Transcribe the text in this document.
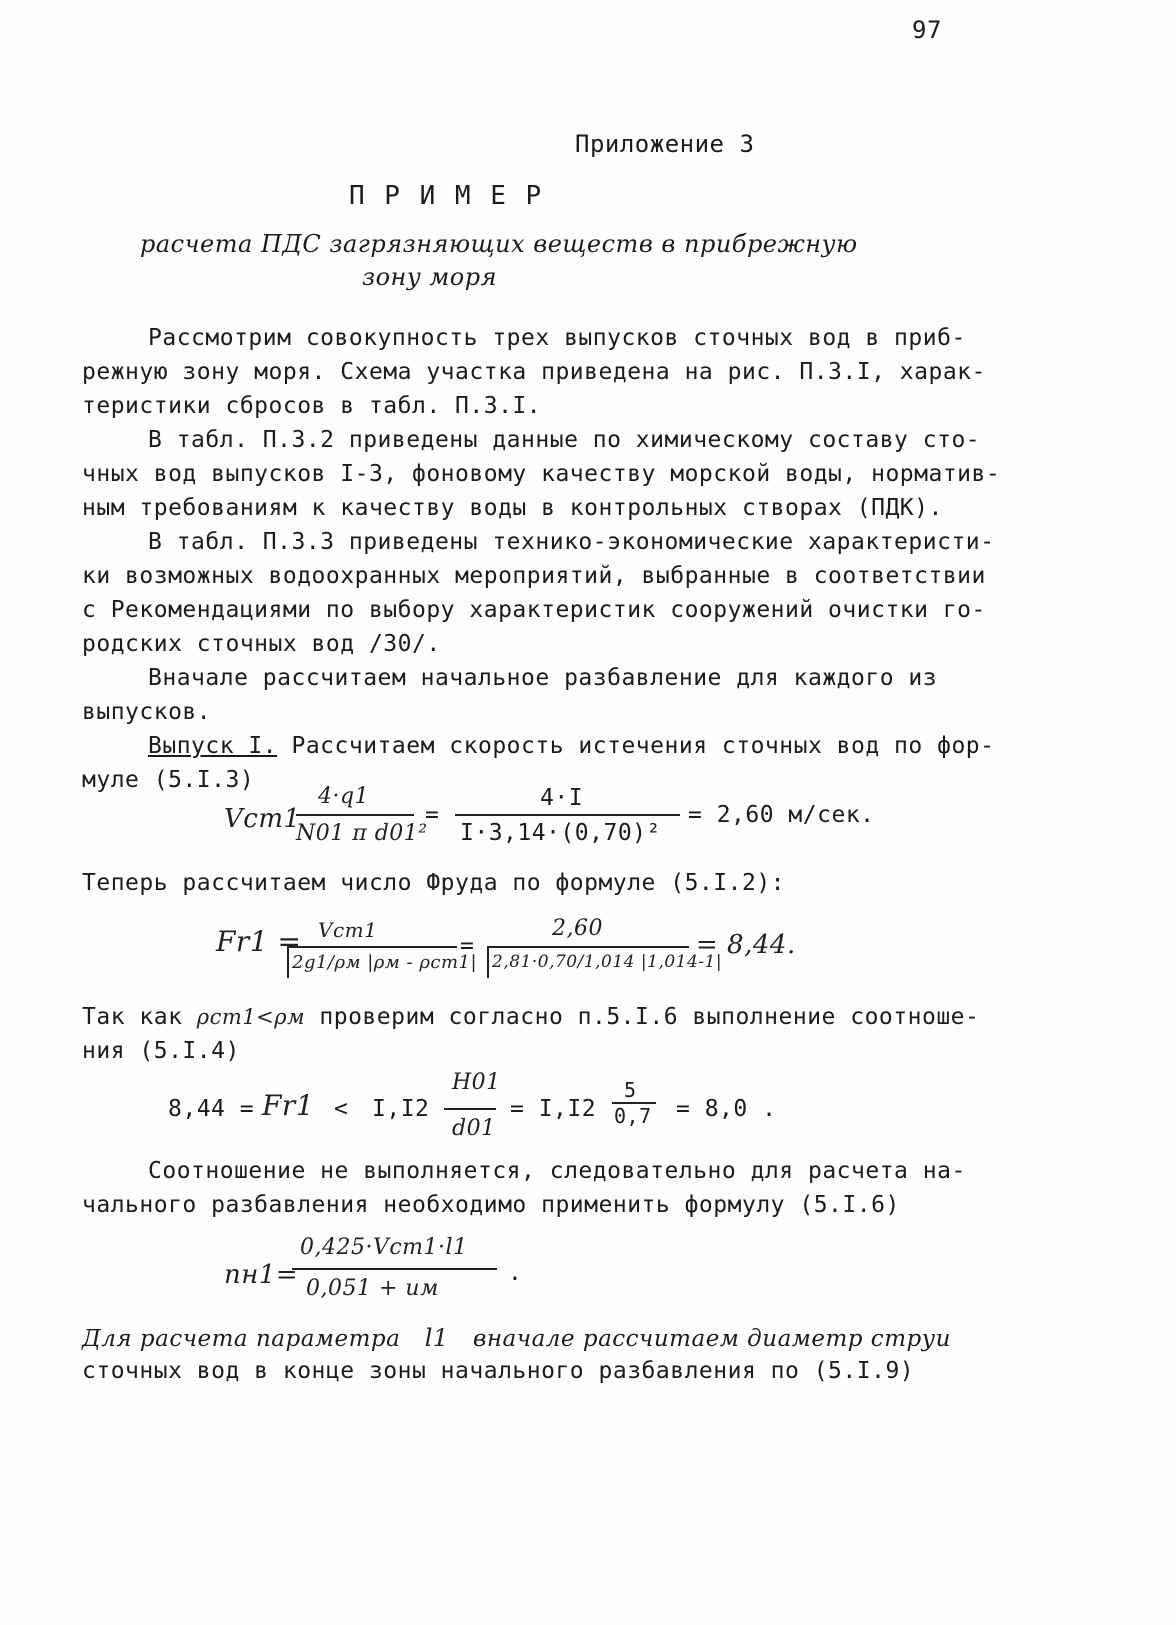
97
Приложение 3
П Р И М Е Р
расчета ПДС загрязняющих веществ в прибрежную
зону моря
Рассмотрим совокупность трех выпусков сточных вод в приб-
режную зону моря. Схема участка приведена на рис. П.3.I, харак-
теристики сбросов в табл. П.3.I.
В табл. П.3.2 приведены данные по химическому составу сто-
чных вод выпусков I-3, фоновому качеству морской воды, норматив-
ным требованиям к качеству воды в контрольных створах (ПДК).
В табл. П.3.3 приведены технико-экономические характеристи-
ки возможных водоохранных мероприятий, выбранные в соответствии
с Рекомендациями по выбору характеристик сооружений очистки го-
родских сточных вод /30/.
Вначале рассчитаем начальное разбавление для каждого из
выпусков.
Выпуск I. Рассчитаем скорость истечения сточных вод по фор-
муле (5.I.3)
Vст1
4·q1
N01 π d01²
=
4·I
I·3,14·(0,70)²
= 2,60 м/сек.
Теперь рассчитаем число Фруда по формуле (5.I.2):
Fr1 = Vст1
2g1/ρм |ρм - ρст1|
=
2,60
2,81·0,70/1,014 |1,014-1|
= 8,44.
Так как ρст1<ρм проверим согласно п.5.I.6 выполнение соотноше-
ния (5.I.4)
8,44 = Fr1 < I,I2
H01
d01
= I,I2
5
0,7 = 8,0 .
Соотношение не выполняется, следовательно для расчета на-
чального разбавления необходимо применить формулу (5.I.6)
nн1=
0,425·Vст1·l1
0,051 + uм
.
Для расчета параметра l1 вначале рассчитаем диаметр струи
сточных вод в конце зоны начального разбавления по (5.I.9)
